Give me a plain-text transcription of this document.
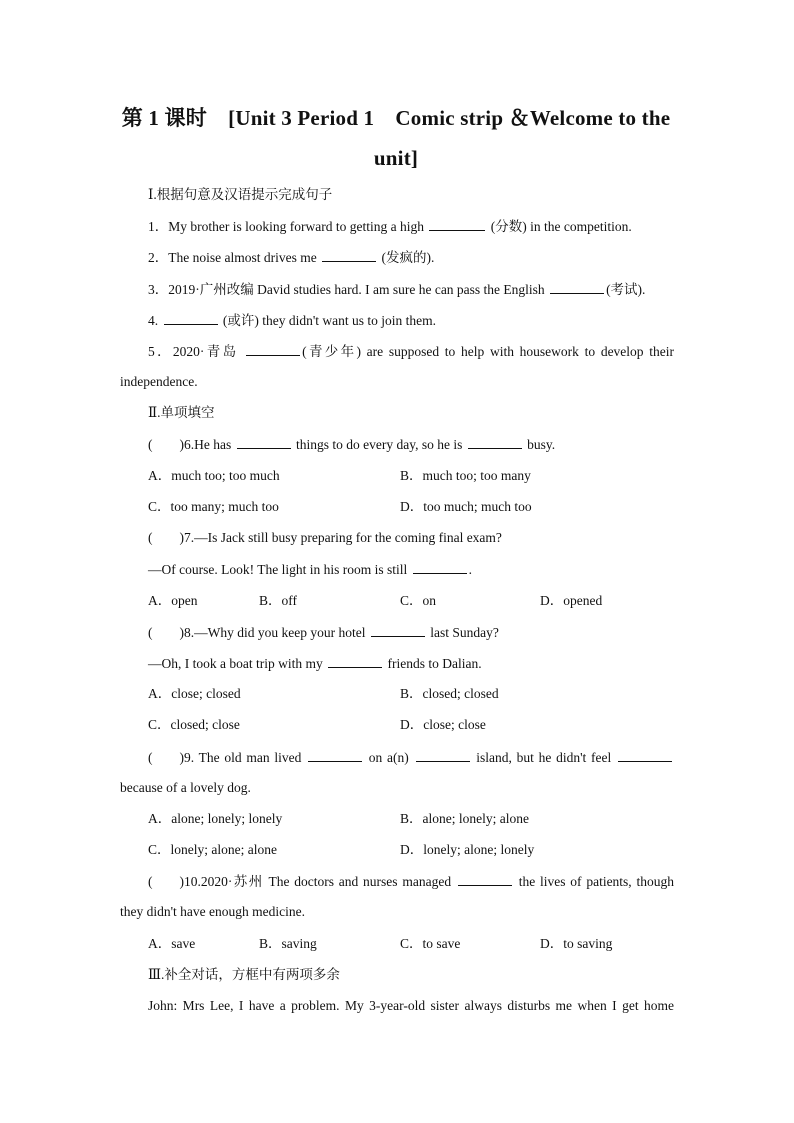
第 1 课时　[Unit 3 Period 1　Comic strip ＆Welcome to the
unit]
Ⅰ.根据句意及汉语提示完成句子
1．My brother is looking forward to getting a high	(分数) in the competition.
2．The noise almost drives me	(发疯的).
3．2019·广州改编 David studies hard. I am sure he can pass the English	(考试).
4.	(或许) they didn't want us to join them.
5．2020·青岛	(青少年) are supposed to help with housework to develop their
independence.
Ⅱ.单项填空
(　　)6.He has	things to do every day, so he is	busy.
A．much too; too much	B．much too; too many
C．too many; much too	D．too much; much too
(　　)7.—Is Jack still busy preparing for the coming final exam?
—Of course. Look! The light in his room is still	.
A．open	B．off	C．on	D．opened
(　　)8.—Why did you keep your hotel	last Sunday?
—Oh, I took a boat trip with my	friends to Dalian.
A．close; closed	B．closed; closed
C．closed; close	D．close; close
(　　)9. The old man lived	on a(n)	island, but he didn't feel
because of a lovely dog.
A．alone; lonely; lonely	B．alone; lonely; alone
C．lonely; alone; alone	D．lonely; alone; lonely
(　　)10.2020·苏州 The doctors and nurses managed	the lives of patients, though
they didn't have enough medicine.
A．save	B．saving	C．to save	D．to saving
Ⅲ.补全对话，方框中有两项多余
John: Mrs Lee, I have a problem. My 3-year-old sister always disturbs me when I get home
